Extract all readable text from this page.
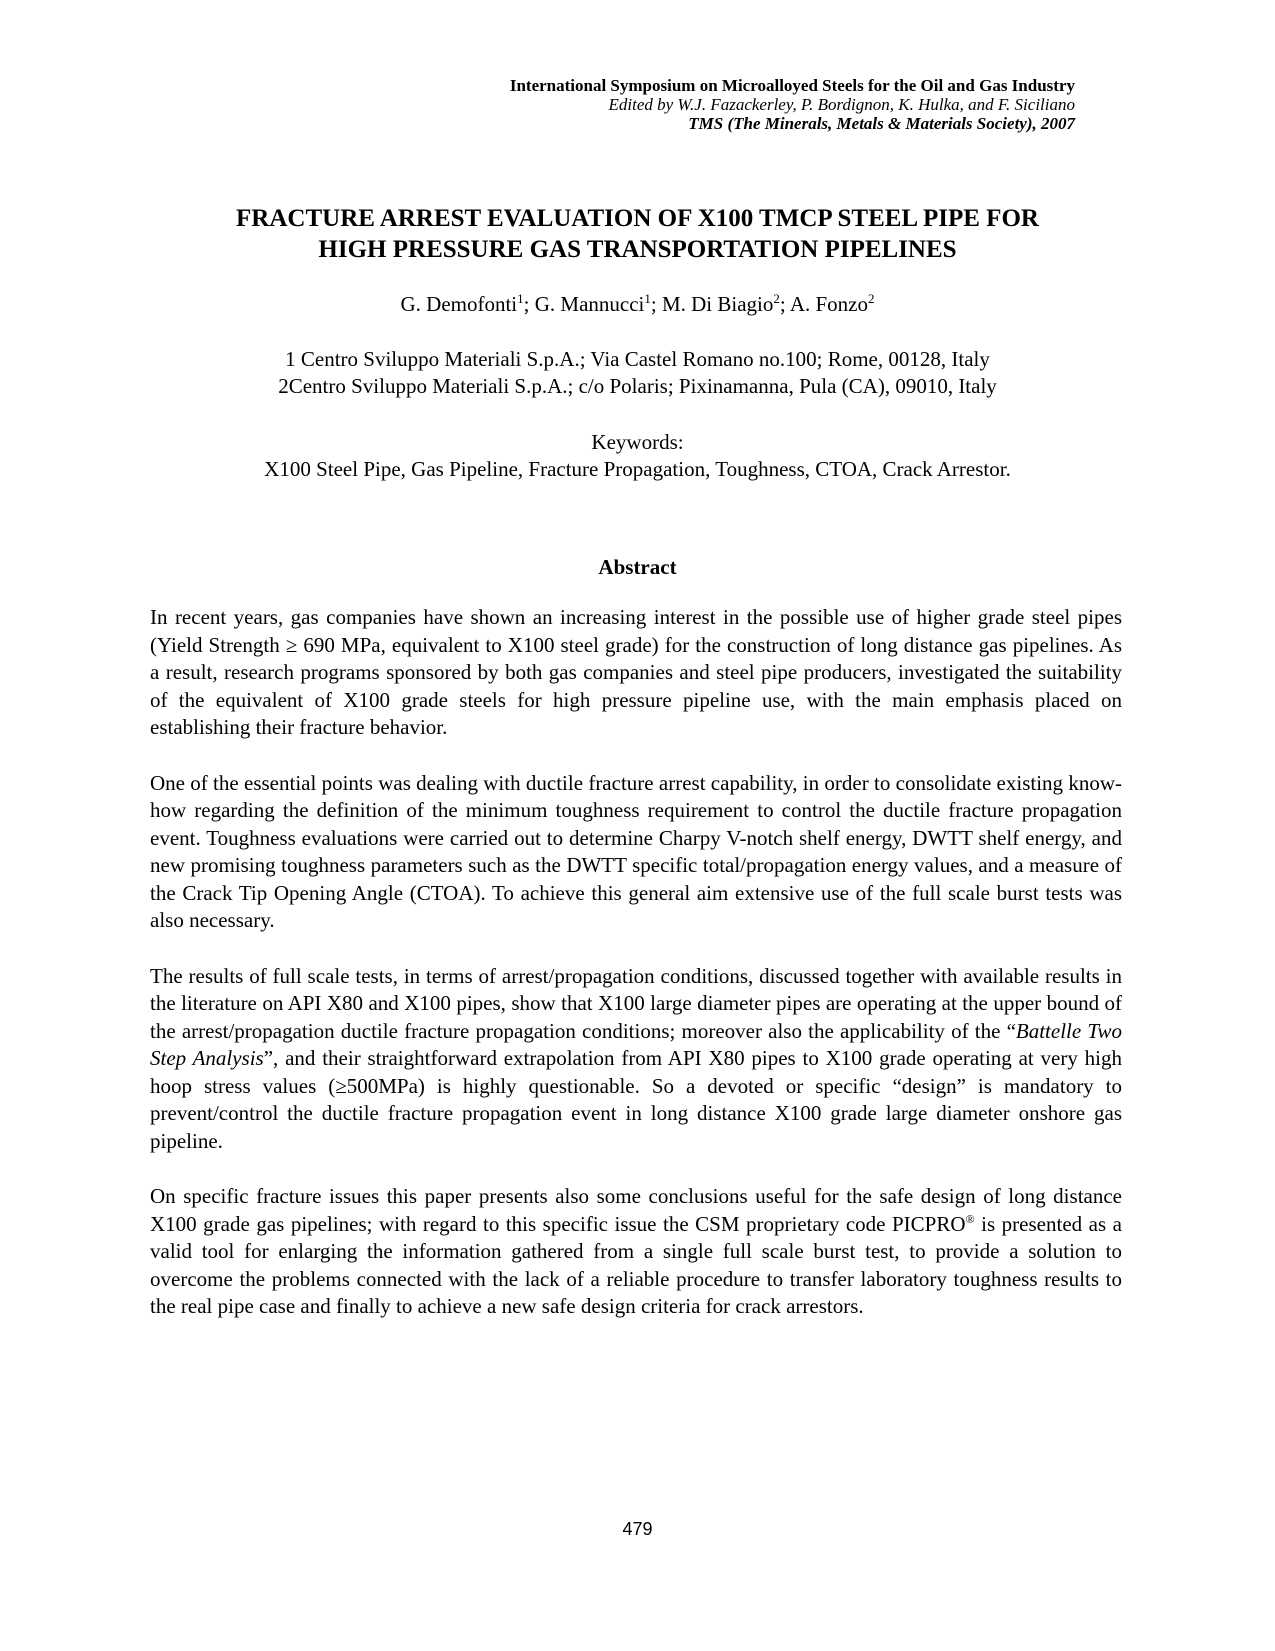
International Symposium on Microalloyed Steels for the Oil and Gas Industry
Edited by W.J. Fazackerley, P. Bordignon, K. Hulka, and F. Siciliano
TMS (The Minerals, Metals & Materials Society), 2007
FRACTURE ARREST EVALUATION OF X100 TMCP STEEL PIPE FOR
HIGH PRESSURE GAS TRANSPORTATION PIPELINES
G. Demofonti$^1$; G. Mannucci$^1$; M. Di Biagio$^2$; A. Fonzo$^2$
1 Centro Sviluppo Materiali S.p.A.; Via Castel Romano no.100; Rome, 00128, Italy
2Centro Sviluppo Materiali S.p.A.; c/o Polaris; Pixinamanna, Pula (CA), 09010, Italy
Keywords:
X100 Steel Pipe, Gas Pipeline, Fracture Propagation, Toughness, CTOA, Crack Arrestor.
Abstract

In recent years, gas companies have shown an increasing interest in the possible use of higher grade steel pipes (Yield Strength ≥ 690 MPa, equivalent to X100 steel grade) for the construction of long distance gas pipelines. As a result, research programs sponsored by both gas companies and steel pipe producers, investigated the suitability of the equivalent of X100 grade steels for high pressure pipeline use, with the main emphasis placed on establishing their fracture behavior.

One of the essential points was dealing with ductile fracture arrest capability, in order to consolidate existing know-how regarding the definition of the minimum toughness requirement to control the ductile fracture propagation event. Toughness evaluations were carried out to determine Charpy V-notch shelf energy, DWTT shelf energy, and new promising toughness parameters such as the DWTT specific total/propagation energy values, and a measure of the Crack Tip Opening Angle (CTOA). To achieve this general aim extensive use of the full scale burst tests was also necessary.

The results of full scale tests, in terms of arrest/propagation conditions, discussed together with available results in the literature on API X80 and X100 pipes, show that X100 large diameter pipes are operating at the upper bound of the arrest/propagation ductile fracture propagation conditions; moreover also the applicability of the “Battelle Two Step Analysis”, and their straightforward extrapolation from API X80 pipes to X100 grade operating at very high hoop stress values (≥500MPa) is highly questionable. So a devoted or specific “design” is mandatory to prevent/control the ductile fracture propagation event in long distance X100 grade large diameter onshore gas pipeline.

On specific fracture issues this paper presents also some conclusions useful for the safe design of long distance X100 grade gas pipelines; with regard to this specific issue the CSM proprietary code PICPRO® is presented as a valid tool for enlarging the information gathered from a single full scale burst test, to provide a solution to overcome the problems connected with the lack of a reliable procedure to transfer laboratory toughness results to the real pipe case and finally to achieve a new safe design criteria for crack arrestors.

479
